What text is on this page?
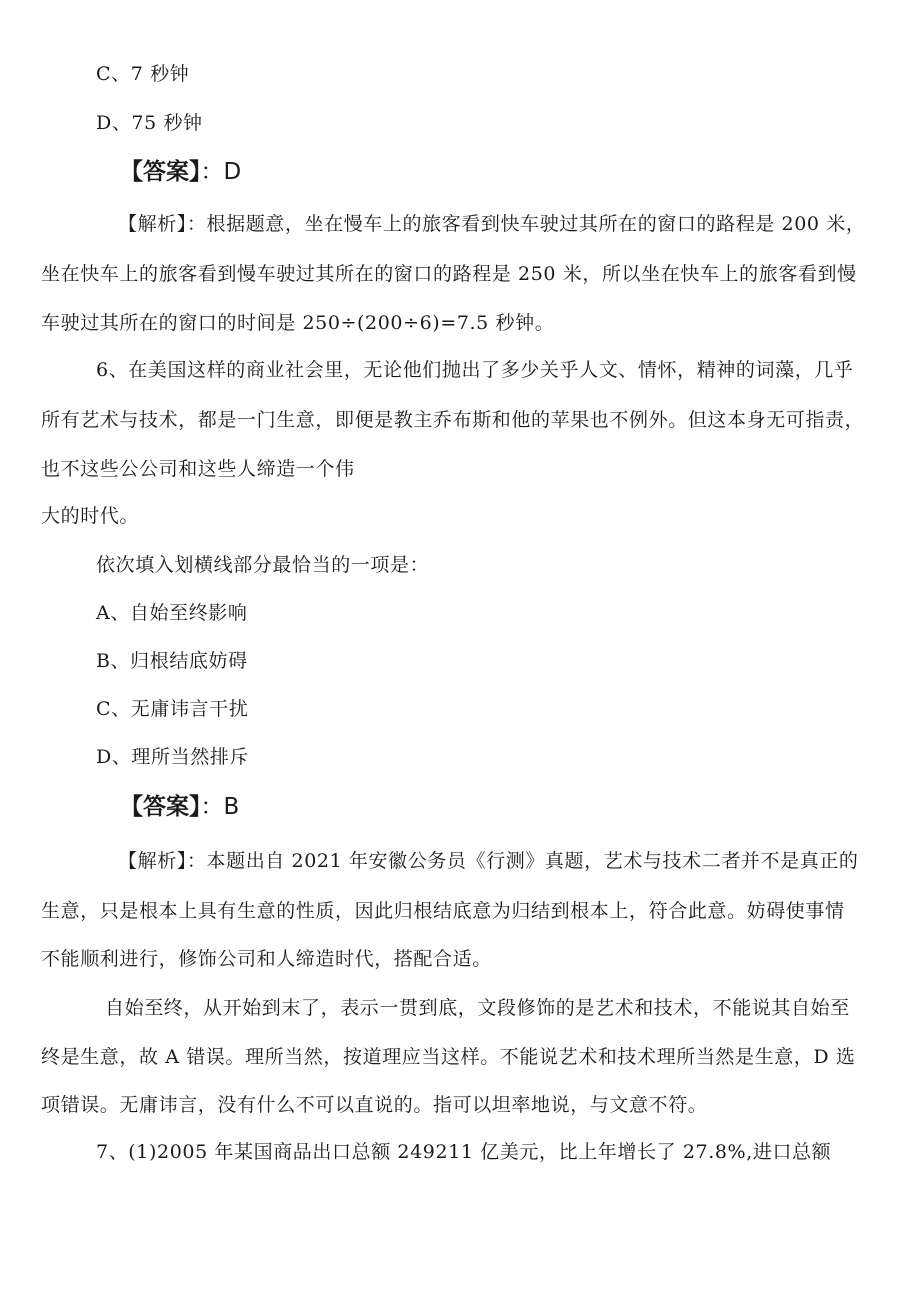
C、7 秒钟
D、75 秒钟
【答案】：D
【解析】：根据题意，坐在慢车上的旅客看到快车驶过其所在的窗口的路程是 200 米，
坐在快车上的旅客看到慢车驶过其所在的窗口的路程是 250 米，所以坐在快车上的旅客看到慢
车驶过其所在的窗口的时间是 250÷(200÷6)=7.5 秒钟。
6、在美国这样的商业社会里，无论他们抛出了多少关乎人文、情怀，精神的词藻，几乎
所有艺术与技术，都是一门生意，即便是教主乔布斯和他的苹果也不例外。但这本身无可指责，
也不这些公公司和这些人缔造一个伟
大的时代。
依次填入划横线部分最恰当的一项是：
A、自始至终影响
B、归根结底妨碍
C、无庸讳言干扰
D、理所当然排斥
【答案】：B
【解析】：本题出自 2021 年安徽公务员《行测》真题，艺术与技术二者并不是真正的
生意，只是根本上具有生意的性质，因此归根结底意为归结到根本上，符合此意。妨碍使事情
不能顺利进行，修饰公司和人缔造时代，搭配合适。
自始至终，从开始到末了，表示一贯到底，文段修饰的是艺术和技术，不能说其自始至
终是生意，故 A 错误。理所当然，按道理应当这样。不能说艺术和技术理所当然是生意，D 选
项错误。无庸讳言，没有什么不可以直说的。指可以坦率地说，与文意不符。
7、(1)2005 年某国商品出口总额 249211 亿美元，比上年增长了 27.8%,进口总额
